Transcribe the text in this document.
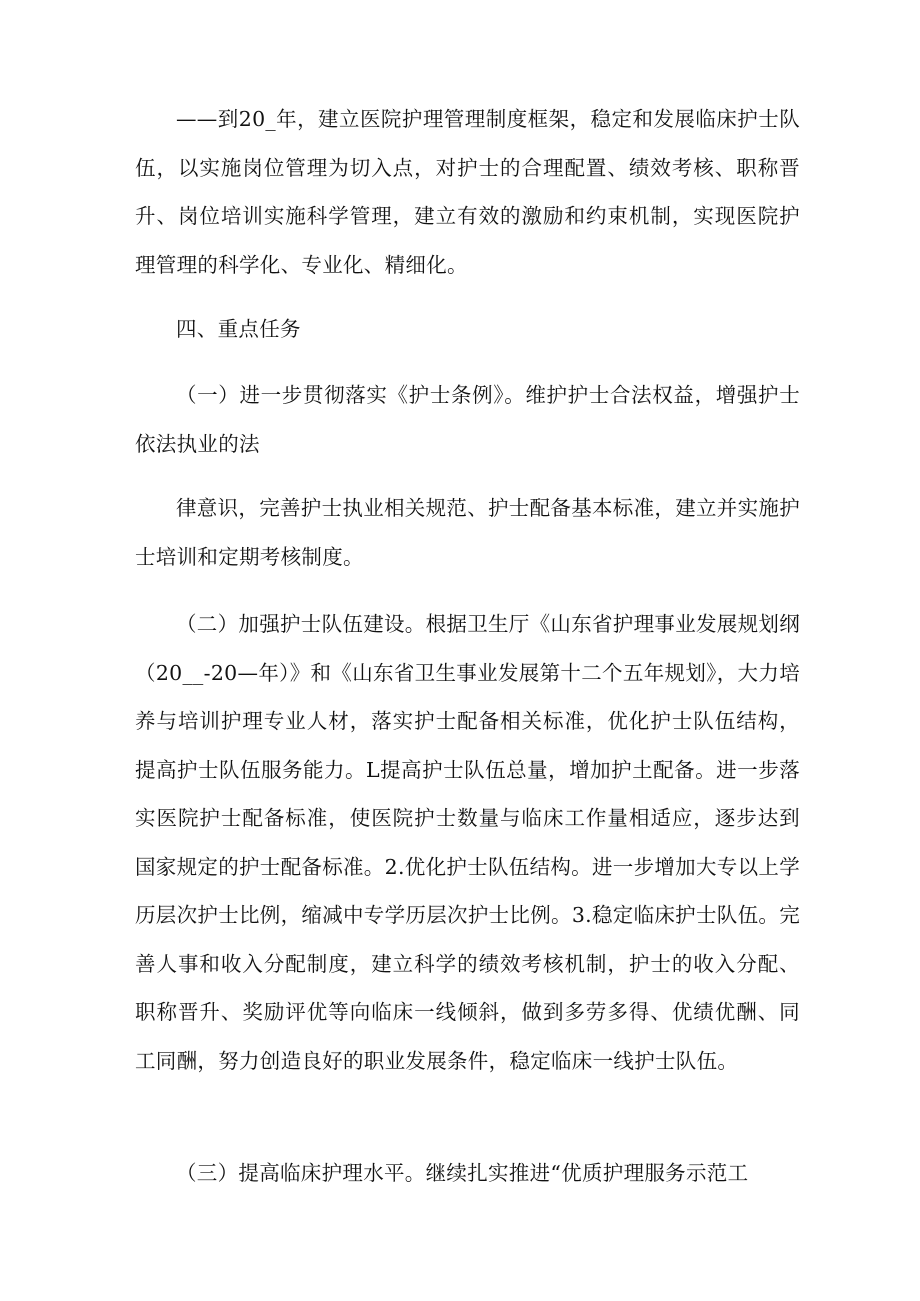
——到20_年，建立医院护理管理制度框架，稳定和发展临床护士队伍，以实施岗位管理为切入点，对护士的合理配置、绩效考核、职称晋升、岗位培训实施科学管理，建立有效的激励和约束机制，实现医院护理管理的科学化、专业化、精细化。

四、重点任务

（一）进一步贯彻落实《护士条例》。维护护士合法权益，增强护士依法执业的法

律意识，完善护士执业相关规范、护士配备基本标准，建立并实施护士培训和定期考核制度。

（二）加强护士队伍建设。根据卫生厅《山东省护理事业发展规划纲（20__-20—年）》和《山东省卫生事业发展第十二个五年规划》，大力培养与培训护理专业人材，落实护士配备相关标准，优化护士队伍结构，提高护士队伍服务能力。L提高护士队伍总量，增加护土配备。进一步落实医院护士配备标准，使医院护士数量与临床工作量相适应，逐步达到国家规定的护士配备标准。2.优化护士队伍结构。进一步增加大专以上学历层次护士比例，缩减中专学历层次护士比例。3.稳定临床护士队伍。完善人事和收入分配制度，建立科学的绩效考核机制，护士的收入分配、职称晋升、奖励评优等向临床一线倾斜，做到多劳多得、优绩优酬、同工同酬，努力创造良好的职业发展条件，稳定临床一线护士队伍。

（三）提高临床护理水平。继续扎实推进“优质护理服务示范工
